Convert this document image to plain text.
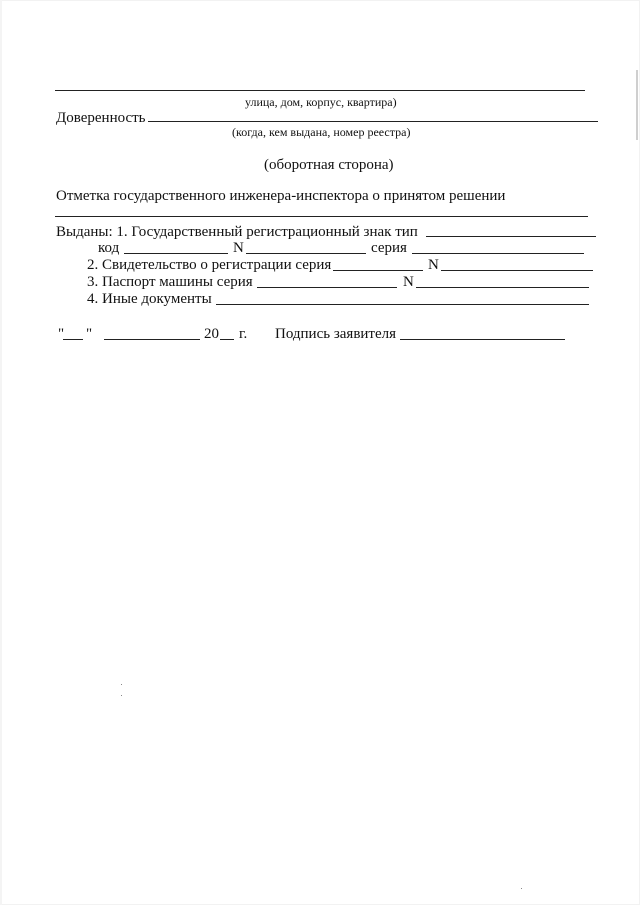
улица, дом, корпус, квартира)
Доверенность
(когда, кем выдана, номер реестра)
(оборотная сторона)
Отметка государственного инженера-инспектора о принятом решении
Выданы: 1. Государственный регистрационный знак тип
код	N	серия
2. Свидетельство о регистрации серия	N
3. Паспорт машины серия	N
4. Иные документы
" "	20 г. Подпись заявителя
